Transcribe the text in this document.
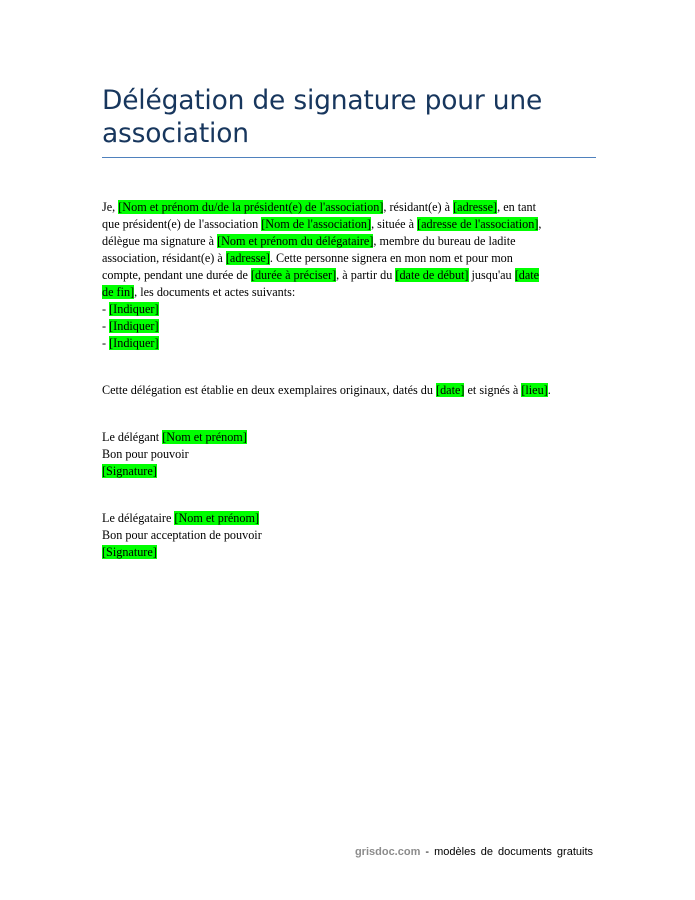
Délégation de signature pour une
association
Je, [Nom et prénom du/de la président(e) de l'association], résidant(e) à [adresse], en tant
que président(e) de l'association [Nom de l'association], située à [adresse de l'association],
délègue ma signature à [Nom et prénom du délégataire], membre du bureau de ladite
association, résidant(e) à [adresse]. Cette personne signera en mon nom et pour mon
compte, pendant une durée de [durée à préciser], à partir du [date de début] jusqu'au [date
de fin], les documents et actes suivants:
- [Indiquer]
- [Indiquer]
- [Indiquer]
Cette délégation est établie en deux exemplaires originaux, datés du [date] et signés à [lieu].
Le délégant [Nom et prénom]
Bon pour pouvoir
[Signature]
Le délégataire [Nom et prénom]
Bon pour acceptation de pouvoir
[Signature]
grisdoc.com - modèles de documents gratuits
